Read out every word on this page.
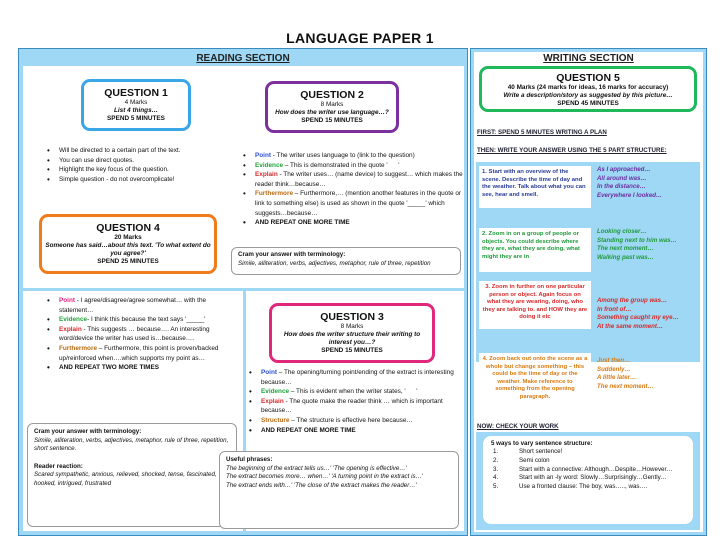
LANGUAGE PAPER 1
READING SECTION
QUESTION 1
4 Marks
List 4 things…
SPEND 5 MINUTES
• Will be directed to a certain part of the text.
• You can use direct quotes.
• Highlight the key focus of the question.
• Simple question - do not overcomplicate!
QUESTION 2
8 Marks
How does the writer use language…?
SPEND 15 MINUTES
• Point - The writer uses language to (link to the question)
• Evidence – This is demonstrated in the quote ' '
• Explain - The writer uses… (name device) to suggest… which makes the reader think…because…
• Furthermore – Furthermore,… (mention another features in the quote or link to something else) is used as shown in the quote '_____' which suggests…because…
• AND REPEAT ONE MORE TIME
Cram your answer with terminology:
Simile, alliteration, verbs, adjectives, metaphor, rule of three, repetition
QUESTION 4
20 Marks
Someone has said…about this text. 'To what extent do you agree?'
SPEND 25 MINUTES
• Point - I agree/disagree/agree somewhat… with the statement…
• Evidence- I think this because the text says '_____'
• Explain - This suggests … because…. An interesting word/device the writer has used is…because….
• Furthermore – Furthermore, this point is proven/backed up/reinforced when….which supports my point as…
• AND REPEAT TWO MORE TIMES
Cram your answer with terminology:
Simile, alliteration, verbs, adjectives, metaphor, rule of three, repetition, short sentence.
Reader reaction:
Scared sympathetic, anxious, relieved, shocked, tense, fascinated, hooked, intrigued, frustrated
QUESTION 3
8 Marks
How does the writer structure their writing to interest you…?
SPEND 15 MINUTES
• Point – The opening/turning point/ending of the extract is interesting because…
• Evidence – This is evident when the writer states, ' '
• Explain - The quote make the reader think … which is important because…
• Structure – The structure is effective here because…
• AND REPEAT ONE MORE TIME
Useful phrases:
The beginning of the extract tells us…' 'The opening is effective…'
The extract becomes more… when…' 'A turning point in the extract is…'
The extract ends with…' 'The close of the extract makes the reader…'
WRITING SECTION
QUESTION 5
40 Marks (24 marks for ideas, 16 marks for accuracy)
Write a description/story as suggested by this picture…
SPEND 45 MINUTES
FIRST: SPEND 5 MINUTES WRITING A PLAN
THEN: WRITE YOUR ANSWER USING THE 5 PART STRUCTURE:
1. Start with an overview of the scene. Describe the time of day and the weather. Talk about what you can see, hear and smell.
As I approached…
All around was…
In the distance…
Everywhere I looked…
2. Zoom in on a group of people or objects. You could describe where they are, what they are doing, what might they are in
Looking closer…
Standing next to him was…
The next moment…
Walking past was…
3. Zoom in further on one particular person or object. Again focus on what they are wearing, doing, who they are talking to. and HOW they are doing it etc
Among the group was…
In front of…
Something caught my eye…
At the same moment…
4. Zoom back out onto the scene as a whole but change something – this could be the time of day or the weather. Make reference to something from the opening paragraph.
Just then…
Suddenly…
A little later…
The next moment…
NOW: CHECK YOUR WORK
5 ways to vary sentence structure:
1.	Short sentence!
2.	Semi colon
3.	Start with a connective: Although…Despite…However…
4.	Start with an -ly word: Slowly…Surprisingly…Gently…
5.	Use a fronted clause: The boy, was….., was….
